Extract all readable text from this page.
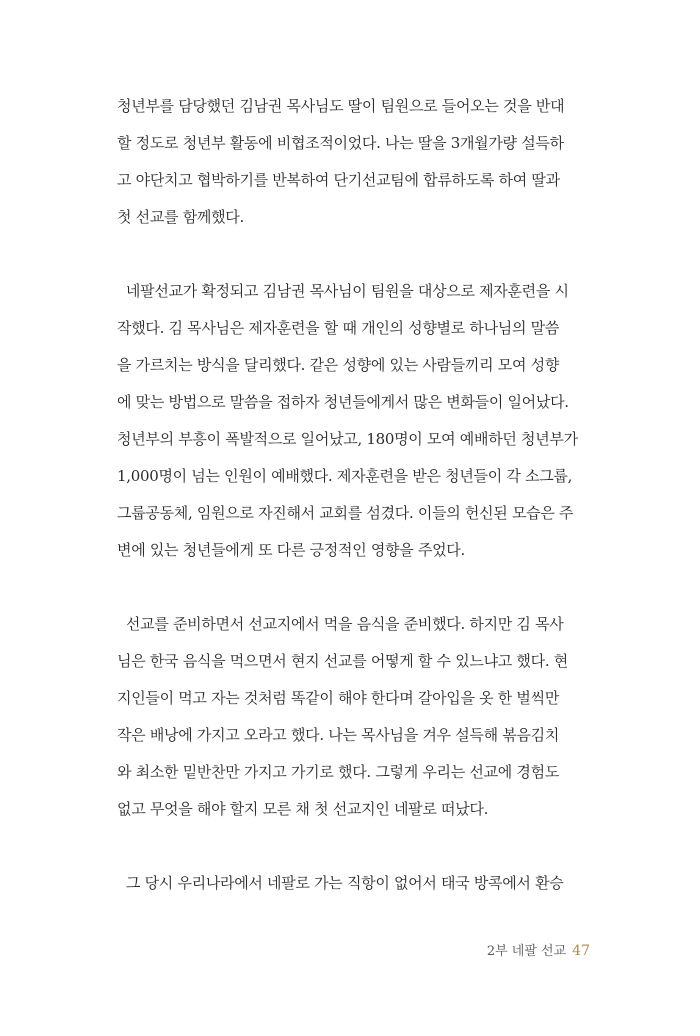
청년부를 담당했던 김남권 목사님도 딸이 팀원으로 들어오는 것을 반대
할 정도로 청년부 활동에 비협조적이었다. 나는 딸을 3개월가량 설득하
고 야단치고 협박하기를 반복하여 단기선교팀에 합류하도록 하여 딸과
첫 선교를 함께했다.
네팔선교가 확정되고 김남권 목사님이 팀원을 대상으로 제자훈련을 시
작했다. 김 목사님은 제자훈련을 할 때 개인의 성향별로 하나님의 말씀
을 가르치는 방식을 달리했다. 같은 성향에 있는 사람들끼리 모여 성향
에 맞는 방법으로 말씀을 접하자 청년들에게서 많은 변화들이 일어났다.
청년부의 부흥이 폭발적으로 일어났고, 180명이 모여 예배하던 청년부가
1,000명이 넘는 인원이 예배했다. 제자훈련을 받은 청년들이 각 소그룹,
그룹공동체, 임원으로 자진해서 교회를 섬겼다. 이들의 헌신된 모습은 주
변에 있는 청년들에게 또 다른 긍정적인 영향을 주었다.
선교를 준비하면서 선교지에서 먹을 음식을 준비했다. 하지만 김 목사
님은 한국 음식을 먹으면서 현지 선교를 어떻게 할 수 있느냐고 했다. 현
지인들이 먹고 자는 것처럼 똑같이 해야 한다며 갈아입을 옷 한 벌씩만
작은 배낭에 가지고 오라고 했다. 나는 목사님을 겨우 설득해 볶음김치
와 최소한 밑반찬만 가지고 가기로 했다. 그렇게 우리는 선교에 경험도
없고 무엇을 해야 할지 모른 채 첫 선교지인 네팔로 떠났다.
그 당시 우리나라에서 네팔로 가는 직항이 없어서 태국 방콕에서 환승
2부 네팔 선교 47
